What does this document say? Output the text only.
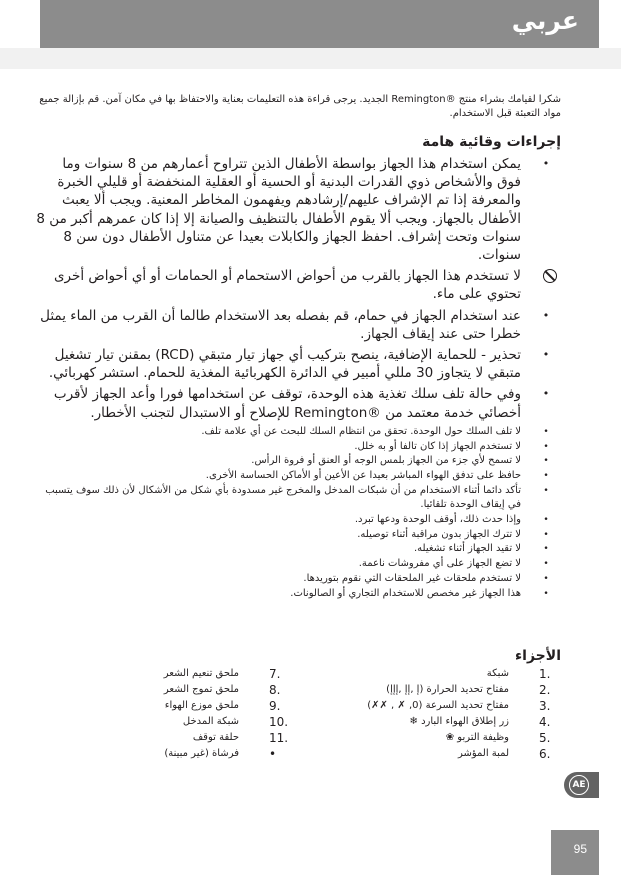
عربي

شكرا لقيامك بشراء منتج ®Remington الجديد. يرجى قراءة هذه التعليمات بعناية والاحتفاظ بها في مكان آمن. قم بإزالة جميع مواد التعبئة قبل الاستخدام.

إجراءات وقائية هامة
•
يمكن استخدام هذا الجهاز بواسطة الأطفال الذين تتراوح أعمارهم من 8 سنوات وما فوق والأشخاص ذوي القدرات البدنية أو الحسية أو العقلية المنخفضة أو قليلي الخبرة والمعرفة إذا تم الإشراف عليهم/إرشادهم ويفهمون المخاطر المعنية. ويجب ألا يعبث الأطفال بالجهاز. ويجب ألا يقوم الأطفال بالتنظيف والصيانة إلا إذا كان عمرهم أكبر من 8 سنوات وتحت إشراف. احفظ الجهاز والكابلات بعيدا عن متناول الأطفال دون سن 8 سنوات.
لا تستخدم هذا الجهاز بالقرب من أحواض الاستحمام أو الحمامات أو أي أحواض أخرى تحتوي على ماء.
•
عند استخدام الجهاز في حمام، قم بفصله بعد الاستخدام طالما أن القرب من الماء يمثل خطرا حتى عند إيقاف الجهاز.
•
تحذير - للحماية الإضافية، ينصح بتركيب أي جهاز تيار متبقي (RCD) بمقنن تيار تشغيل متبقي لا يتجاوز 30 مللي أمبير في الدائرة الكهربائية المغذية للحمام. استشر كهربائي.
•
وفي حالة تلف سلك تغذية هذه الوحدة، توقف عن استخدامها فورا وأعد الجهاز لأقرب أخصائي خدمة معتمد من ®Remington للإصلاح أو الاستبدال لتجنب الأخطار.
•
لا تلف السلك حول الوحدة. تحقق من انتظام السلك للبحث عن أي علامة تلف.
•
لا تستخدم الجهاز إذا كان تالفا أو به خلل.
•
لا تسمح لأي جزء من الجهاز بلمس الوجه أو العنق أو فروة الرأس.
•
حافظ على تدفق الهواء المباشر بعيدا عن الأعين أو الأماكن الحساسة الأخرى.
•
تأكد دائما أثناء الاستخدام من أن شبكات المدخل والمخرج غير مسدودة بأي شكل من الأشكال لأن ذلك سوف يتسبب في إيقاف الوحدة تلقائيا.
•
وإذا حدث ذلك، أوقف الوحدة ودعها تبرد.
•
لا تترك الجهاز بدون مراقبة أثناء توصيله.
•
لا تقيد الجهاز أثناء تشغيله.
•
لا تضع الجهاز على أي مفروشات ناعمة.
•
لا تستخدم ملحقات غير الملحقات التي نقوم بتوريدها.
•
هذا الجهاز غير مخصص للاستخدام التجاري أو الصالونات.
الأجزاء
1.
شبكة
2.
مفتاح تحديد الحرارة (ﺇ ,ﺇﺇ ,ﺇﺇﺇ)
3.
مفتاح تحديد السرعة (0, ✗ , ✗✗)
4.
زر إطلاق الهواء البارد ❄
5.
وظيفة التربو ❀
6.
لمبة المؤشر
7.
ملحق تنعيم الشعر
8.
ملحق تموج الشعر
9.
ملحق موزع الهواء
10.
شبكة المدخل
11.
حلقة توقف
•
فرشاة (غير مبينة)
AE
95
